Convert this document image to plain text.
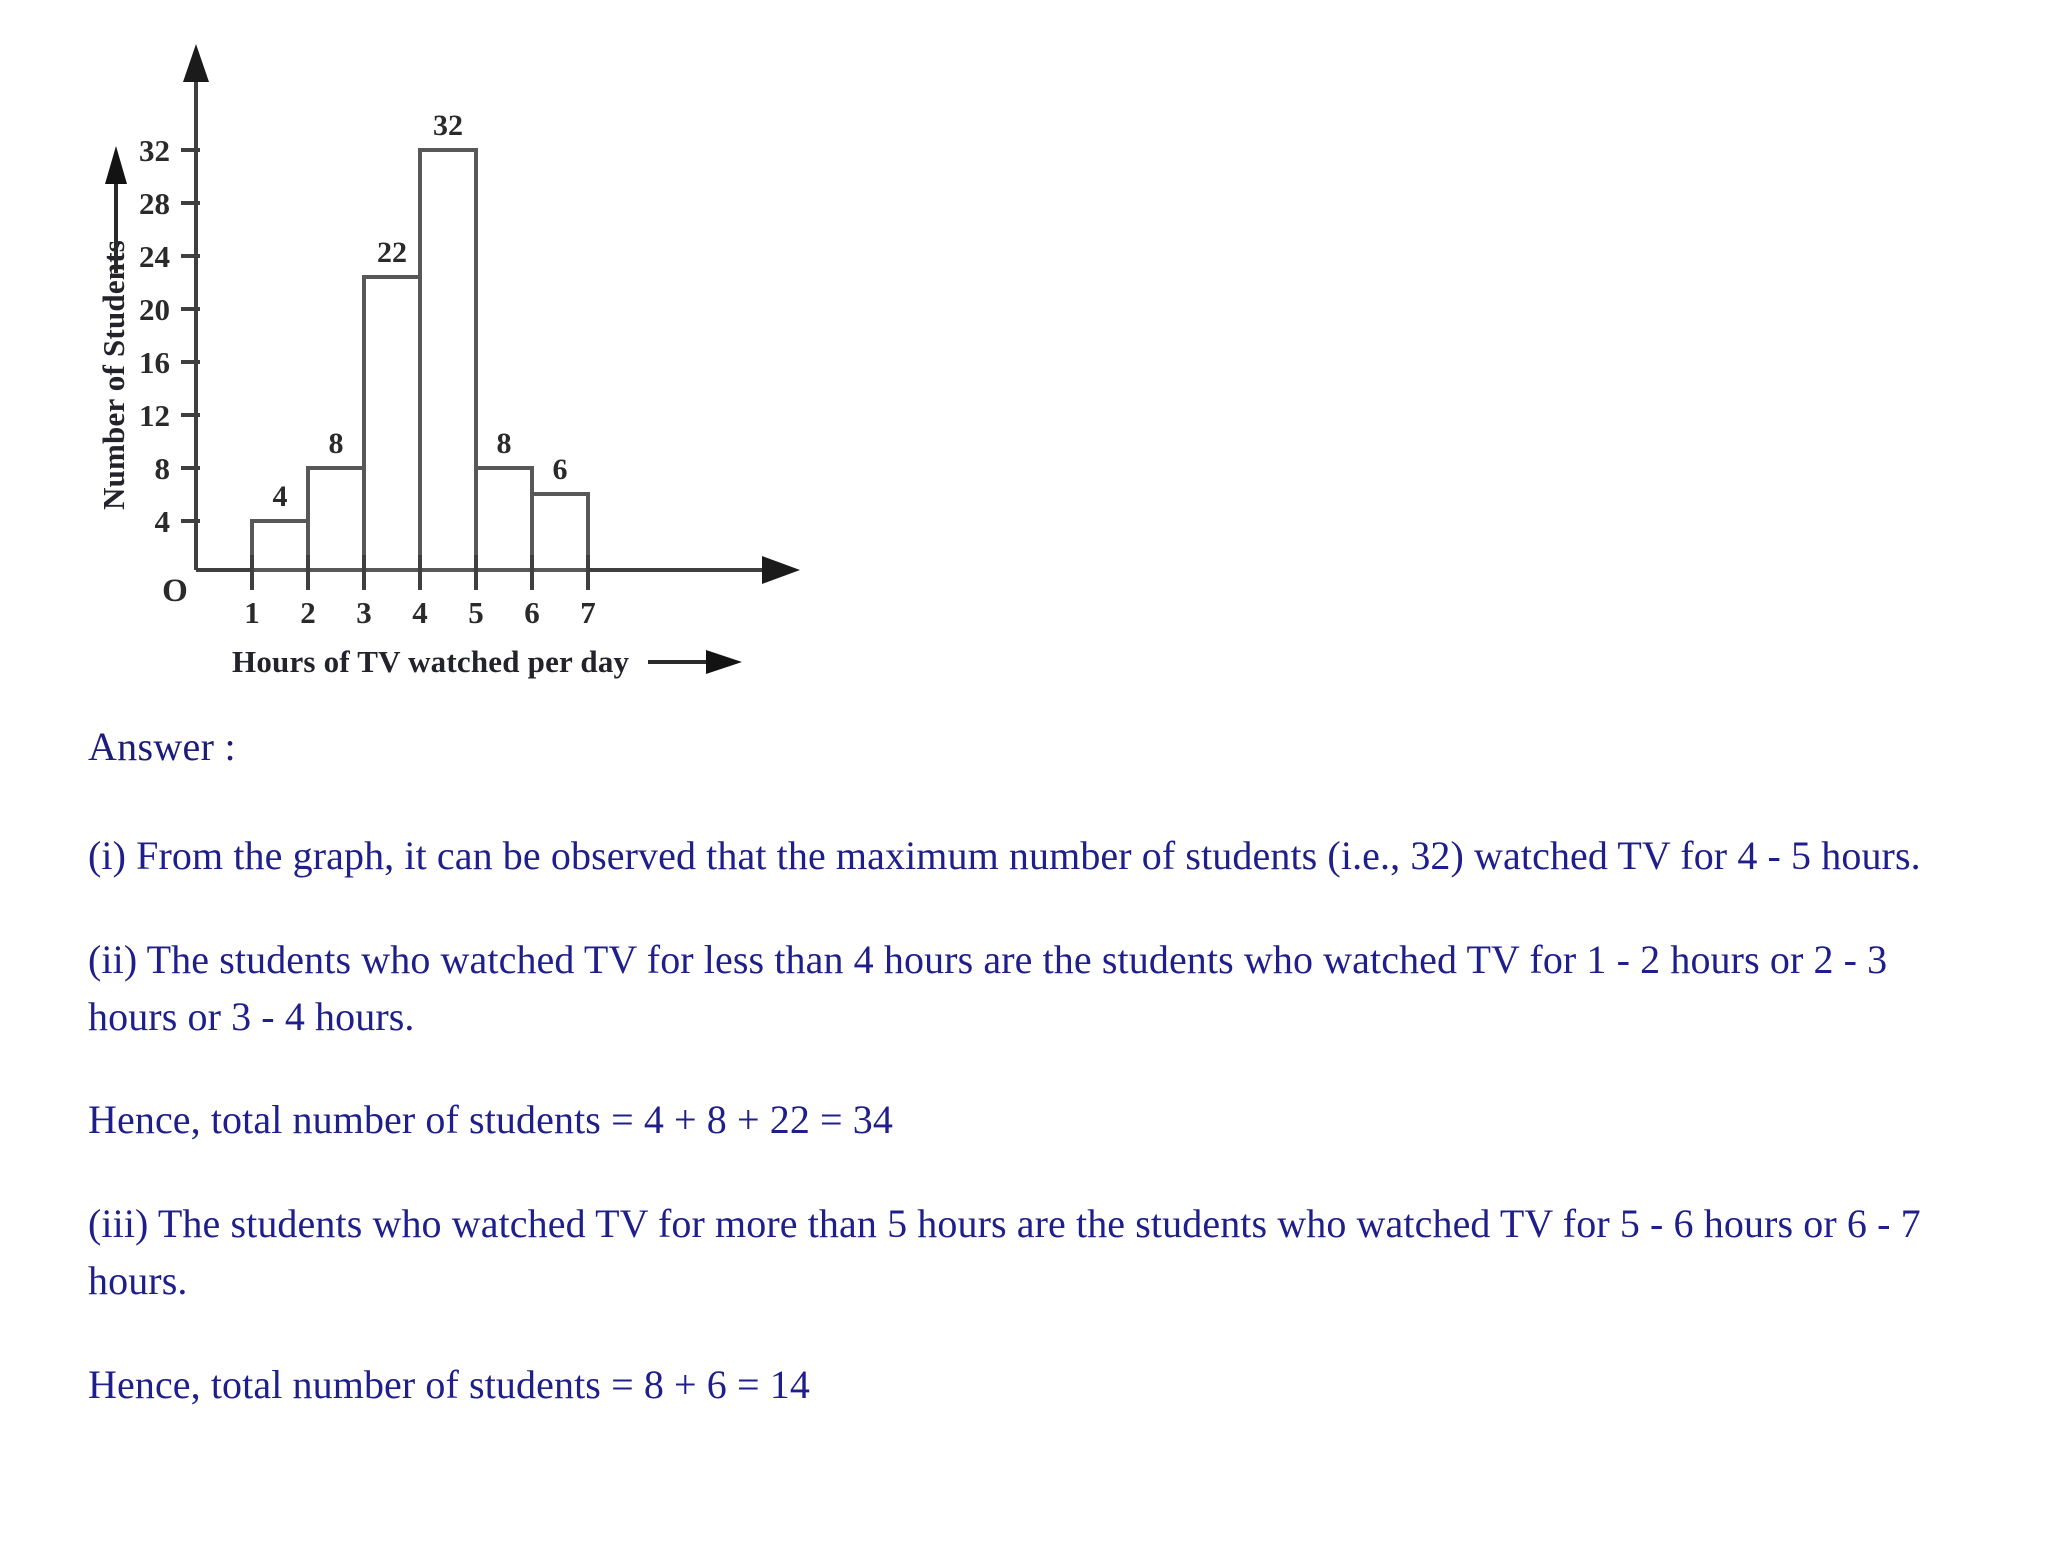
32
28
24
20
16
12
8
4
O
Number of Students	4
8
22
32
8
6
1 2 3 4 5 6 7
Hours of TV watched per day
Answer :

(i) From the graph, it can be observed that the maximum number of students (i.e., 32) watched TV for 4 - 5 hours.

(ii) The students who watched TV for less than 4 hours are the students who watched TV for 1 - 2 hours or 2 - 3 hours or 3 - 4 hours.

Hence, total number of students = 4 + 8 + 22 = 34

(iii) The students who watched TV for more than 5 hours are the students who watched TV for 5 - 6 hours or 6 - 7 hours.

Hence, total number of students = 8 + 6 = 14
